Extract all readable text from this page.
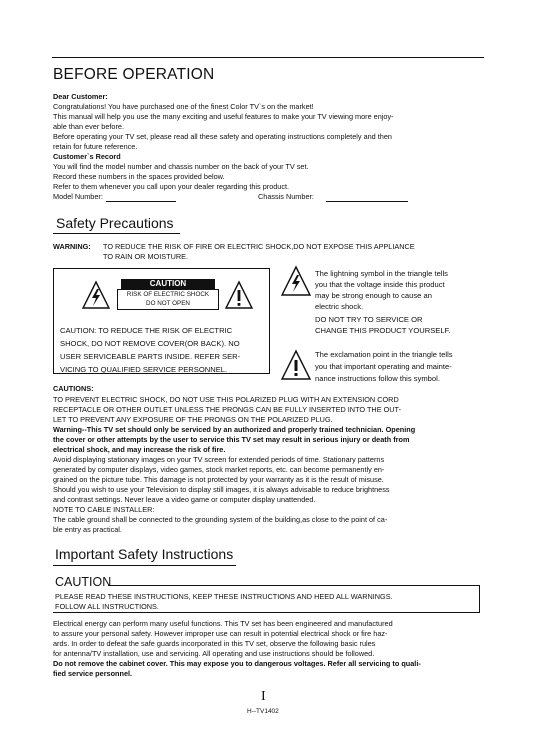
BEFORE OPERATION
Dear Customer:
Congratulations! You have purchased one of the finest Color TV`s on the market!
This manual will help you use the many exciting and useful features to make your TV viewing more enjoy-
able than ever before.
Before operating your TV set, please read all these safety and operating instructions completely and then
retain for future reference.
Customer`s Record
You will find the model number and chassis number on the back of your TV set.
Record these numbers in the spaces provided below.
Refer to them whenever you call upon your dealer regarding this product.
Model Number:	Chassis Number:
Safety Precautions
WARNING: TO REDUCE THE RISK OF FIRE OR ELECTRIC SHOCK,DO NOT EXPOSE THIS APPLIANCE
TO RAIN OR MOISTURE.
CAUTION
RISK OF ELECTRIC SHOCK
DO NOT OPEN
CAUTION: TO REDUCE THE RISK OF ELECTRIC
SHOCK, DO NOT REMOVE COVER(OR BACK). NO
USER SERVICEABLE PARTS INSIDE. REFER SER-
VICING TO QUALIFIED SERVICE PERSONNEL.
The lightning symbol in the triangle tells
you that the voltage inside this product
may be strong enough to cause an
electric shock.
DO NOT TRY TO SERVICE OR
CHANGE THIS PRODUCT YOURSELF.
The exclamation point in the triangle tells
you that important operating and mainte-
nance instructions follow this symbol.
CAUTIONS:
TO PREVENT ELECTRIC SHOCK, DO NOT USE THIS POLARIZED PLUG WITH AN EXTENSION CORD
RECEPTACLE OR OTHER OUTLET UNLESS THE PRONGS CAN BE FULLY INSERTED INTO THE OUT-
LET TO PREVENT ANY EXPOSURE OF THE PRONGS ON THE POLARIZED PLUG.
Warning--This TV set should only be serviced by an authorized and properly trained technician. Opening
the cover or other attempts by the user to service this TV set may result in serious injury or death from
electrical shock, and may increase the risk of fire.
Avoid displaying stationary images on your TV screen for extended periods of time. Stationary patterns
generated by computer displays, video games, stock market reports, etc. can become permanently en-
grained on the picture tube. This damage is not protected by your warranty as it is the result of misuse.
Should you wish to use your Television to display still images, it is always advisable to reduce brightness
and contrast settings. Never leave a video game or computer display unattended.
NOTE TO CABLE INSTALLER:
The cable ground shall be connected to the grounding system of the building,as close to the point of ca-
ble entry as practical.
Important Safety Instructions
CAUTION
PLEASE READ THESE INSTRUCTIONS, KEEP THESE INSTRUCTIONS AND HEED ALL WARNINGS.
FOLLOW ALL INSTRUCTIONS.
Electrical energy can perform many useful functions. This TV set has been engineered and manufactured
to assure your personal safety. However improper use can result in potential electrical shock or fire haz-
ards. In order to defeat the safe guards incorporated in this TV set, observe the following basic rules
for antenna/TV installation, use and servicing. All operating and use instructions should be followed.
Do not remove the cabinet cover. This may expose you to dangerous voltages. Refer all servicing to quali-
fied service personnel.
I
H--TV1402
